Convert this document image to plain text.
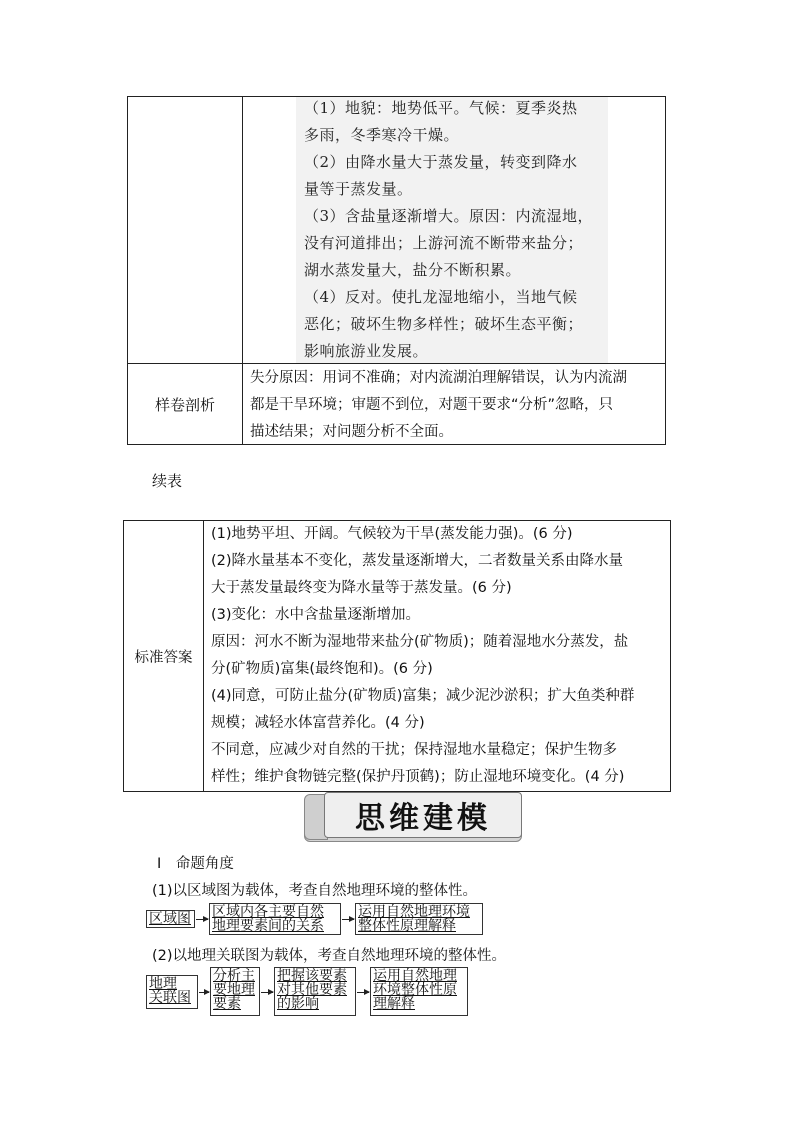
（1）地貌：地势低平。气候：夏季炎热
多雨，冬季寒冷干燥。
（2）由降水量大于蒸发量，转变到降水
量等于蒸发量。
（3）含盐量逐渐增大。原因：内流湿地，
没有河道排出；上游河流不断带来盐分；
湖水蒸发量大，盐分不断积累。
（4）反对。使扎龙湿地缩小，当地气候
恶化；破坏生物多样性；破坏生态平衡；
影响旅游业发展。
样卷剖析
失分原因：用词不准确；对内流湖泊理解错误，认为内流湖
都是干旱环境；审题不到位，对题干要求“分析”忽略，只
描述结果；对问题分析不全面。
续表
标准答案
(1)地势平坦、开阔。气候较为干旱(蒸发能力强)。(6 分)
(2)降水量基本不变化，蒸发量逐渐增大，二者数量关系由降水量
大于蒸发量最终变为降水量等于蒸发量。(6 分)
(3)变化：水中含盐量逐渐增加。
原因：河水不断为湿地带来盐分(矿物质)；随着湿地水分蒸发，盐
分(矿物质)富集(最终饱和)。(6 分)
(4)同意，可防止盐分(矿物质)富集；减少泥沙淤积；扩大鱼类种群
规模；减轻水体富营养化。(4 分)
不同意，应减少对自然的干扰；保持湿地水量稳定；保护生物多
样性；维护食物链完整(保护丹顶鹤)；防止湿地环境变化。(4 分)
思维建模
Ⅰ 命题角度
(1)以区域图为载体，考查自然地理环境的整体性。
区域图 区域内各主要自然
地理要素间的关系
运用自然地理环境
整体性原理解释
(2)以地理关联图为载体，考查自然地理环境的整体性。
地理
关联图
分析主
要地理
要素
把握该要素
对其他要素
的影响
运用自然地理
环境整体性原
理解释
